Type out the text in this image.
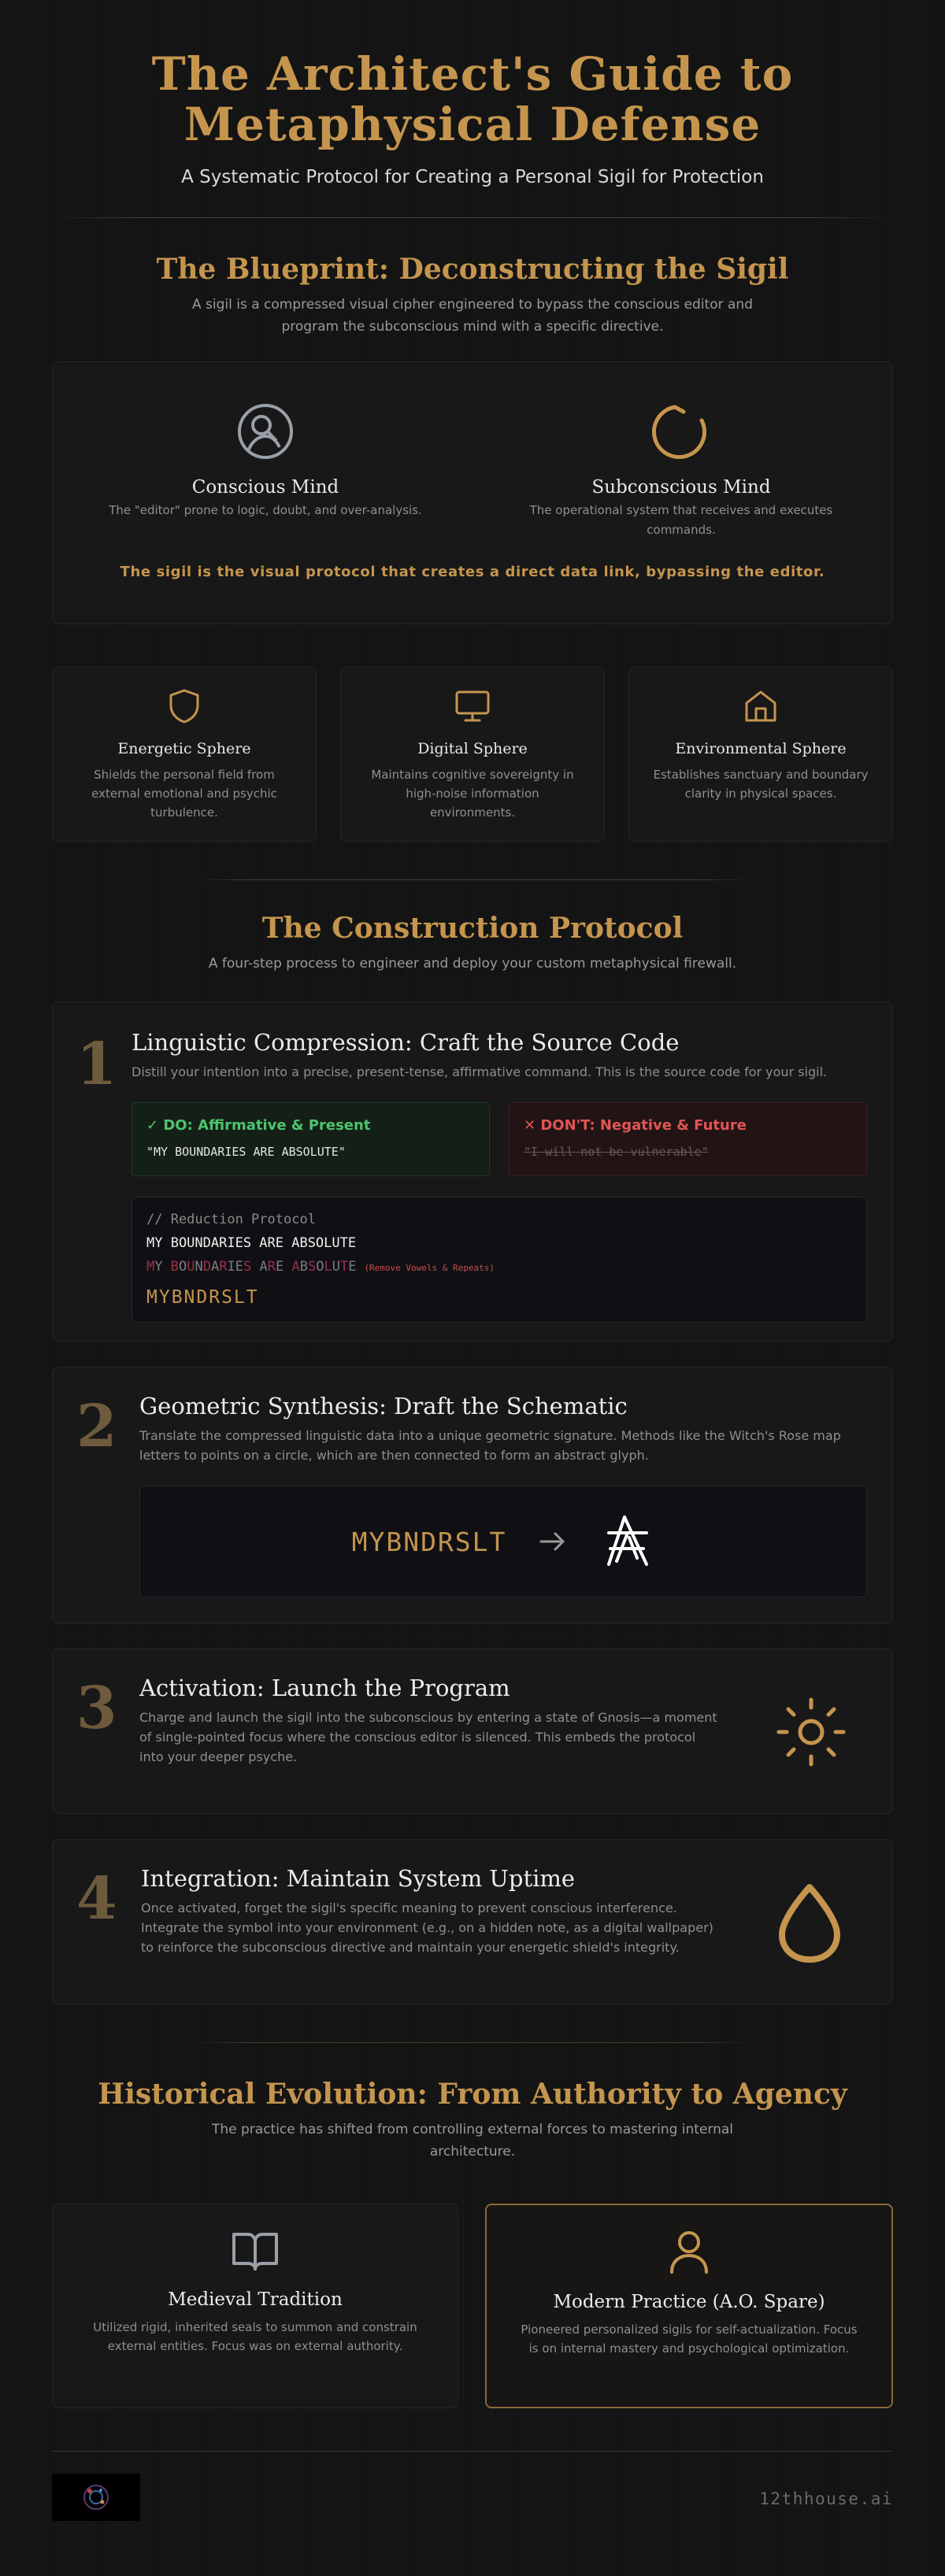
The Architect's Guide to
Metaphysical Defense

A Systematic Protocol for Creating a Personal Sigil for Protection

The Blueprint: Deconstructing the Sigil

A sigil is a compressed visual cipher engineered to bypass the conscious editor and program the subconscious mind with a specific directive.

Conscious Mind

The "editor" prone to logic, doubt, and over-analysis.

Subconscious Mind

The operational system that receives and executes commands.

The sigil is the visual protocol that creates a direct data link, bypassing the editor.

Energetic Sphere

Shields the personal field from external emotional and psychic turbulence.

Digital Sphere

Maintains cognitive sovereignty in high-noise information environments.

Environmental Sphere

Establishes sanctuary and boundary clarity in physical spaces.

The Construction Protocol

A four-step process to engineer and deploy your custom metaphysical firewall.

1 Linguistic Compression: Craft the Source Code

Distill your intention into a precise, present-tense, affirmative command. This is the source code for your sigil.

✓ DO: Affirmative & Present
"MY BOUNDARIES ARE ABSOLUTE"
✕ DON'T: Negative & Future
"I will not be vulnerable"
// Reduction Protocol
MY BOUNDARIES ARE ABSOLUTE
MY BOUNDARIES ARE ABSOLUTE (Remove Vowels & Repeats)
MYBNDRSLT
2 Geometric Synthesis: Draft the Schematic

Translate the compressed linguistic data into a unique geometric signature. Methods like the Witch's Rose map letters to points on a circle, which are then connected to form an abstract glyph.

MYBNDRSLT
3 Activation: Launch the Program

Charge and launch the sigil into the subconscious by entering a state of Gnosis—a moment of single-pointed focus where the conscious editor is silenced. This embeds the protocol into your deeper psyche.

4 Integration: Maintain System Uptime

Once activated, forget the sigil's specific meaning to prevent conscious interference. Integrate the symbol into your environment (e.g., on a hidden note, as a digital wallpaper) to reinforce the subconscious directive and maintain your energetic shield's integrity.

Historical Evolution: From Authority to Agency

The practice has shifted from controlling external forces to mastering internal architecture.

Medieval Tradition

Utilized rigid, inherited seals to summon and constrain external entities. Focus was on external authority.

Modern Practice (A.O. Spare)

Pioneered personalized sigils for self-actualization. Focus is on internal mastery and psychological optimization.

12thhouse.ai
